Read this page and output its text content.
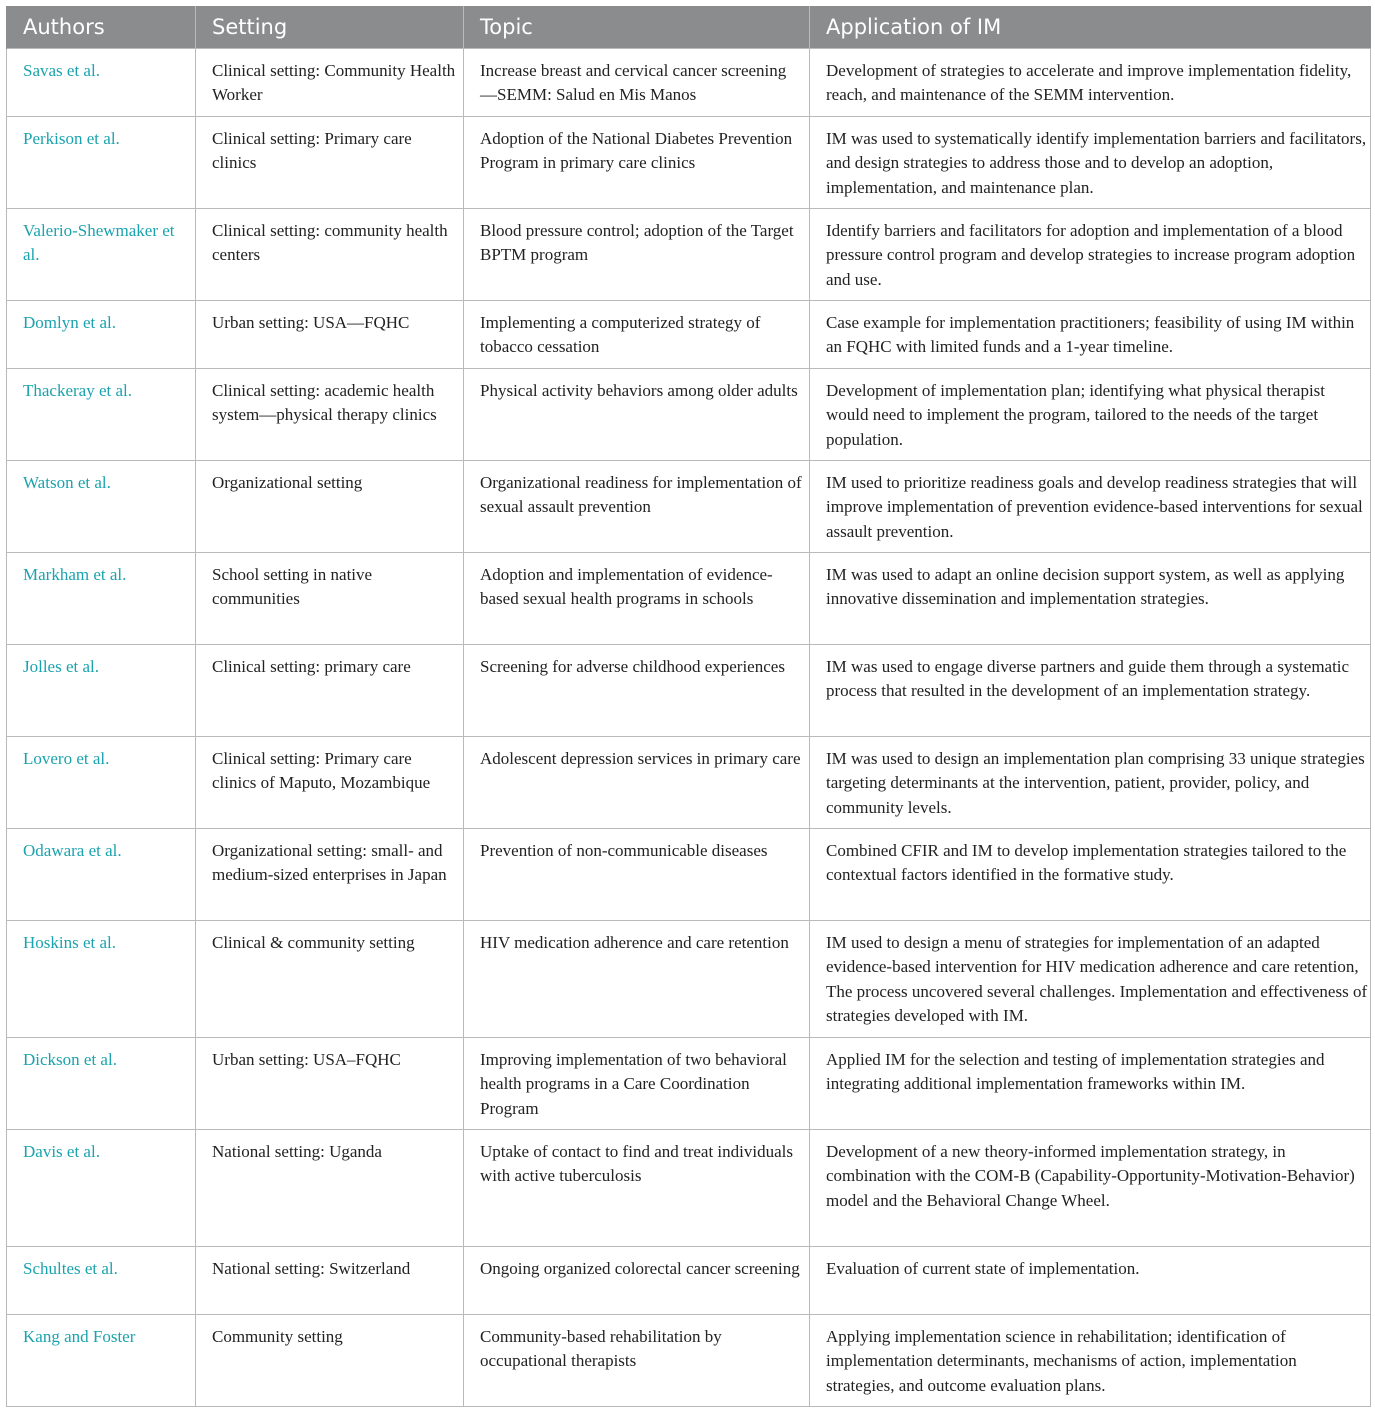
Authors	Setting	Topic	Application of IM
Savas et al.	Clinical setting: Community Health Worker	Increase breast and cervical cancer screening—SEMM: Salud en Mis Manos	Development of strategies to accelerate and improve implementation fidelity, reach, and maintenance of the SEMM intervention.
Perkison et al.	Clinical setting: Primary care clinics	Adoption of the National Diabetes Prevention Program in primary care clinics	IM was used to systematically identify implementation barriers and facilitators, and design strategies to address those and to develop an adoption, implementation, and maintenance plan.
Valerio-Shewmaker et al.	Clinical setting: community health centers	Blood pressure control; adoption of the Target BPTM program	Identify barriers and facilitators for adoption and implementation of a blood pressure control program and develop strategies to increase program adoption and use.
Domlyn et al.	Urban setting: USA—FQHC	Implementing a computerized strategy of tobacco cessation	Case example for implementation practitioners; feasibility of using IM within an FQHC with limited funds and a 1-year timeline.
Thackeray et al.	Clinical setting: academic health system—physical therapy clinics	Physical activity behaviors among older adults	Development of implementation plan; identifying what physical therapist would need to implement the program, tailored to the needs of the target population.
Watson et al.	Organizational setting	Organizational readiness for implementation of sexual assault prevention	IM used to prioritize readiness goals and develop readiness strategies that will improve implementation of prevention evidence-based interventions for sexual assault prevention.
Markham et al.	School setting in native communities	Adoption and implementation of evidence-based sexual health programs in schools	IM was used to adapt an online decision support system, as well as applying innovative dissemination and implementation strategies.
Jolles et al.	Clinical setting: primary care	Screening for adverse childhood experiences	IM was used to engage diverse partners and guide them through a systematic process that resulted in the development of an implementation strategy.
Lovero et al.	Clinical setting: Primary care clinics of Maputo, Mozambique	Adolescent depression services in primary care	IM was used to design an implementation plan comprising 33 unique strategies targeting determinants at the intervention, patient, provider, policy, and community levels.
Odawara et al.	Organizational setting: small- and medium-sized enterprises in Japan	Prevention of non-communicable diseases	Combined CFIR and IM to develop implementation strategies tailored to the contextual factors identified in the formative study.
Hoskins et al.	Clinical & community setting	HIV medication adherence and care retention	IM used to design a menu of strategies for implementation of an adapted evidence-based intervention for HIV medication adherence and care retention, The process uncovered several challenges. Implementation and effectiveness of strategies developed with IM.
Dickson et al.	Urban setting: USA–FQHC	Improving implementation of two behavioral health programs in a Care Coordination Program	Applied IM for the selection and testing of implementation strategies and integrating additional implementation frameworks within IM.
Davis et al.	National setting: Uganda	Uptake of contact to find and treat individuals with active tuberculosis	Development of a new theory-informed implementation strategy, in combination with the COM-B (Capability-Opportunity-Motivation-Behavior) model and the Behavioral Change Wheel.
Schultes et al.	National setting: Switzerland	Ongoing organized colorectal cancer screening	Evaluation of current state of implementation.
Kang and Foster	Community setting	Community-based rehabilitation by occupational therapists	Applying implementation science in rehabilitation; identification of implementation determinants, mechanisms of action, implementation strategies, and outcome evaluation plans.
